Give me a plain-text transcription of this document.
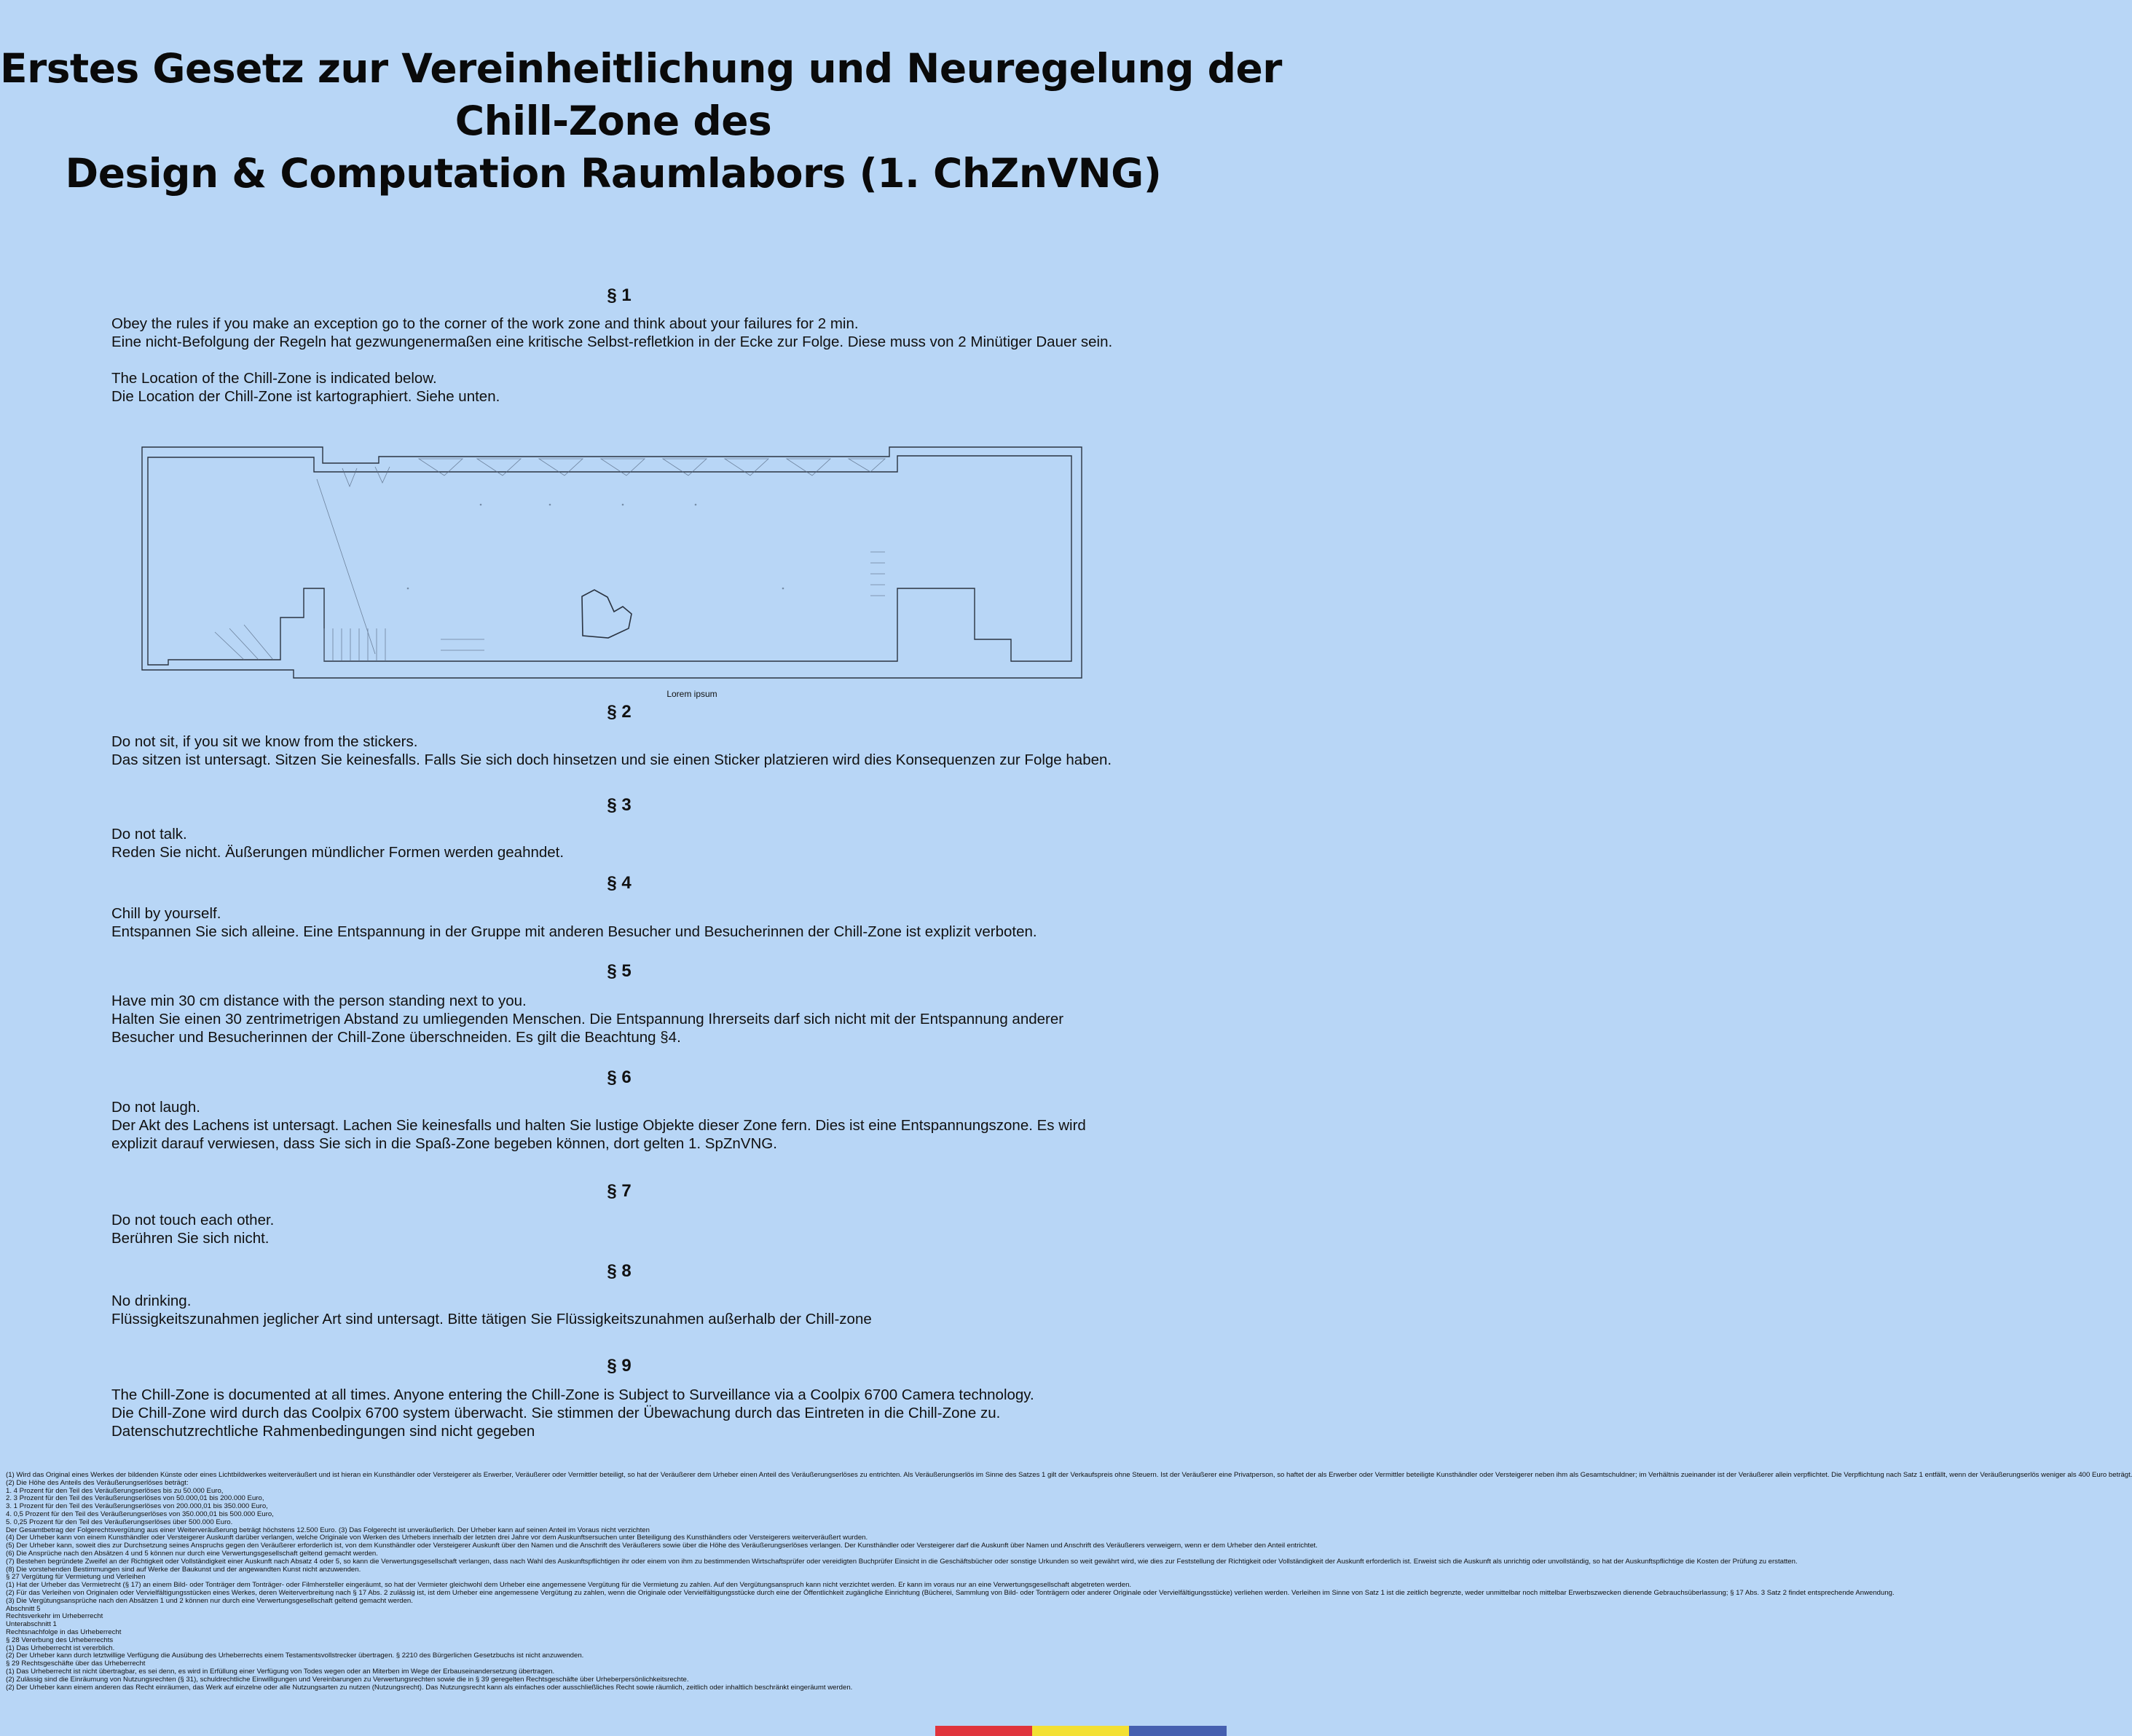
Erstes Gesetz zur Vereinheitlichung und Neuregelung der
Chill-Zone des
Design & Computation Raumlabors (1. ChZnVNG)
§ 1

Obey the rules if you make an exception go to the corner of the work zone and think about your failures for 2 min.

Eine nicht-Befolgung der Regeln hat gezwungenermaßen eine kritische Selbst-refletkion in der Ecke zur Folge. Diese muss von 2 Minütiger Dauer sein.

The Location of the Chill-Zone is indicated below.

Die Location der Chill-Zone ist kartographiert. Siehe unten.

Lorem ipsum
§ 2

Do not sit, if you sit we know from the stickers.

Das sitzen ist untersagt. Sitzen Sie keinesfalls. Falls Sie sich doch hinsetzen und sie einen Sticker platzieren wird dies Konsequenzen zur Folge haben.

§ 3

Do not talk.

Reden Sie nicht. Äußerungen mündlicher Formen werden geahndet.

§ 4

Chill by yourself.

Entspannen Sie sich alleine. Eine Entspannung in der Gruppe mit anderen Besucher und Besucherinnen der Chill-Zone ist explizit verboten.

§ 5

Have min 30 cm distance with the person standing next to you.

Halten Sie einen 30 zentrimetrigen Abstand zu umliegenden Menschen. Die Entspannung Ihrerseits darf sich nicht mit der Entspannung anderer Besucher und Besucherinnen der Chill-Zone überschneiden. Es gilt die Beachtung §4.

§ 6

Do not laugh.

Der Akt des Lachens ist untersagt. Lachen Sie keinesfalls und halten Sie lustige Objekte dieser Zone fern. Dies ist eine Entspannungszone. Es wird explizit darauf verwiesen, dass Sie sich in die Spaß-Zone begeben können, dort gelten 1. SpZnVNG.

§ 7

Do not touch each other.

Berühren Sie sich nicht.

§ 8

No drinking.

Flüssigkeitszunahmen jeglicher Art sind untersagt. Bitte tätigen Sie Flüssigkeitszunahmen außerhalb der Chill-zone

§ 9

The Chill-Zone is documented at all times. Anyone entering the Chill-Zone is Subject to Surveillance via a Coolpix 6700 Camera technology.

Die Chill-Zone wird durch das Coolpix 6700 system überwacht. Sie stimmen der Übewachung durch das Eintreten in die Chill-Zone zu. Datenschutzrechtliche Rahmenbedingungen sind nicht gegeben

(1) Wird das Original eines Werkes der bildenden Künste oder eines Lichtbildwerkes weiterveräußert und ist hieran ein Kunsthändler oder Versteigerer als Erwerber, Veräußerer oder Vermittler beteiligt, so hat der Veräußerer dem Urheber einen Anteil des Veräußerungserlöses zu entrichten. Als Veräußerungserlös im Sinne des Satzes 1 gilt der Verkaufspreis ohne Steuern. Ist der Veräußerer eine Privatperson, so haftet der als Erwerber oder Vermittler beteiligte Kunsthändler oder Versteigerer neben ihm als Gesamtschuldner; im Verhältnis zueinander ist der Veräußerer allein verpflichtet. Die Verpflichtung nach Satz 1 entfällt, wenn der Veräußerungserlös weniger als 400 Euro beträgt.

(2) Die Höhe des Anteils des Veräußerungserlöses beträgt:

1. 4 Prozent für den Teil des Veräußerungserlöses bis zu 50.000 Euro,

2. 3 Prozent für den Teil des Veräußerungserlöses von 50.000,01 bis 200.000 Euro,

3. 1 Prozent für den Teil des Veräußerungserlöses von 200.000,01 bis 350.000 Euro,

4. 0,5 Prozent für den Teil des Veräußerungserlöses von 350.000,01 bis 500.000 Euro,

5. 0,25 Prozent für den Teil des Veräußerungserlöses über 500.000 Euro.

Der Gesamtbetrag der Folgerechtsvergütung aus einer Weiterveräußerung beträgt höchstens 12.500 Euro. (3) Das Folgerecht ist unveräußerlich. Der Urheber kann auf seinen Anteil im Voraus nicht verzichten

(4) Der Urheber kann von einem Kunsthändler oder Versteigerer Auskunft darüber verlangen, welche Originale von Werken des Urhebers innerhalb der letzten drei Jahre vor dem Auskunftsersuchen unter Beteiligung des Kunsthändlers oder Versteigerers weiterveräußert wurden.

(5) Der Urheber kann, soweit dies zur Durchsetzung seines Anspruchs gegen den Veräußerer erforderlich ist, von dem Kunsthändler oder Versteigerer Auskunft über den Namen und die Anschrift des Veräußerers sowie über die Höhe des Veräußerungserlöses verlangen. Der Kunsthändler oder Versteigerer darf die Auskunft über Namen und Anschrift des Veräußerers verweigern, wenn er dem Urheber den Anteil entrichtet.

(6) Die Ansprüche nach den Absätzen 4 und 5 können nur durch eine Verwertungsgesellschaft geltend gemacht werden.

(7) Bestehen begründete Zweifel an der Richtigkeit oder Vollständigkeit einer Auskunft nach Absatz 4 oder 5, so kann die Verwertungsgesellschaft verlangen, dass nach Wahl des Auskunftspflichtigen ihr oder einem von ihm zu bestimmenden Wirtschaftsprüfer oder vereidigten Buchprüfer Einsicht in die Geschäftsbücher oder sonstige Urkunden so weit gewährt wird, wie dies zur Feststellung der Richtigkeit oder Vollständigkeit der Auskunft erforderlich ist. Erweist sich die Auskunft als unrichtig oder unvollständig, so hat der Auskunftspflichtige die Kosten der Prüfung zu erstatten.

(8) Die vorstehenden Bestimmungen sind auf Werke der Baukunst und der angewandten Kunst nicht anzuwenden.

§ 27 Vergütung für Vermietung und Verleihen

(1) Hat der Urheber das Vermietrecht (§ 17) an einem Bild- oder Tonträger dem Tonträger- oder Filmhersteller eingeräumt, so hat der Vermieter gleichwohl dem Urheber eine angemessene Vergütung für die Vermietung zu zahlen. Auf den Vergütungsanspruch kann nicht verzichtet werden. Er kann im voraus nur an eine Verwertungsgesellschaft abgetreten werden.

(2) Für das Verleihen von Originalen oder Vervielfältigungsstücken eines Werkes, deren Weiterverbreitung nach § 17 Abs. 2 zulässig ist, ist dem Urheber eine angemessene Vergütung zu zahlen, wenn die Originale oder Vervielfältigungsstücke durch eine der Öffentlichkeit zugängliche Einrichtung (Bücherei, Sammlung von Bild- oder Tonträgern oder anderer Originale oder Vervielfältigungsstücke) verliehen werden. Verleihen im Sinne von Satz 1 ist die zeitlich begrenzte, weder unmittelbar noch mittelbar Erwerbszwecken dienende Gebrauchsüberlassung; § 17 Abs. 3 Satz 2 findet entsprechende Anwendung.

(3) Die Vergütungsansprüche nach den Absätzen 1 und 2 können nur durch eine Verwertungsgesellschaft geltend gemacht werden.

Abschnitt 5

Rechtsverkehr im Urheberrecht

Unterabschnitt 1

Rechtsnachfolge in das Urheberrecht

§ 28 Vererbung des Urheberrechts

(1) Das Urheberrecht ist vererblich.

(2) Der Urheber kann durch letztwillige Verfügung die Ausübung des Urheberrechts einem Testamentsvollstrecker übertragen. § 2210 des Bürgerlichen Gesetzbuchs ist nicht anzuwenden.

§ 29 Rechtsgeschäfte über das Urheberrecht

(1) Das Urheberrecht ist nicht übertragbar, es sei denn, es wird in Erfüllung einer Verfügung von Todes wegen oder an Miterben im Wege der Erbauseinandersetzung übertragen.

(2) Zulässig sind die Einräumung von Nutzungsrechten (§ 31), schuldrechtliche Einwilligungen und Vereinbarungen zu Verwertungsrechten sowie die in § 39 geregelten Rechtsgeschäfte über Urheberpersönlichkeitsrechte.

(2) Der Urheber kann einem anderen das Recht einräumen, das Werk auf einzelne oder alle Nutzungsarten zu nutzen (Nutzungsrecht). Das Nutzungsrecht kann als einfaches oder ausschließliches Recht sowie räumlich, zeitlich oder inhaltlich beschränkt eingeräumt werden.
